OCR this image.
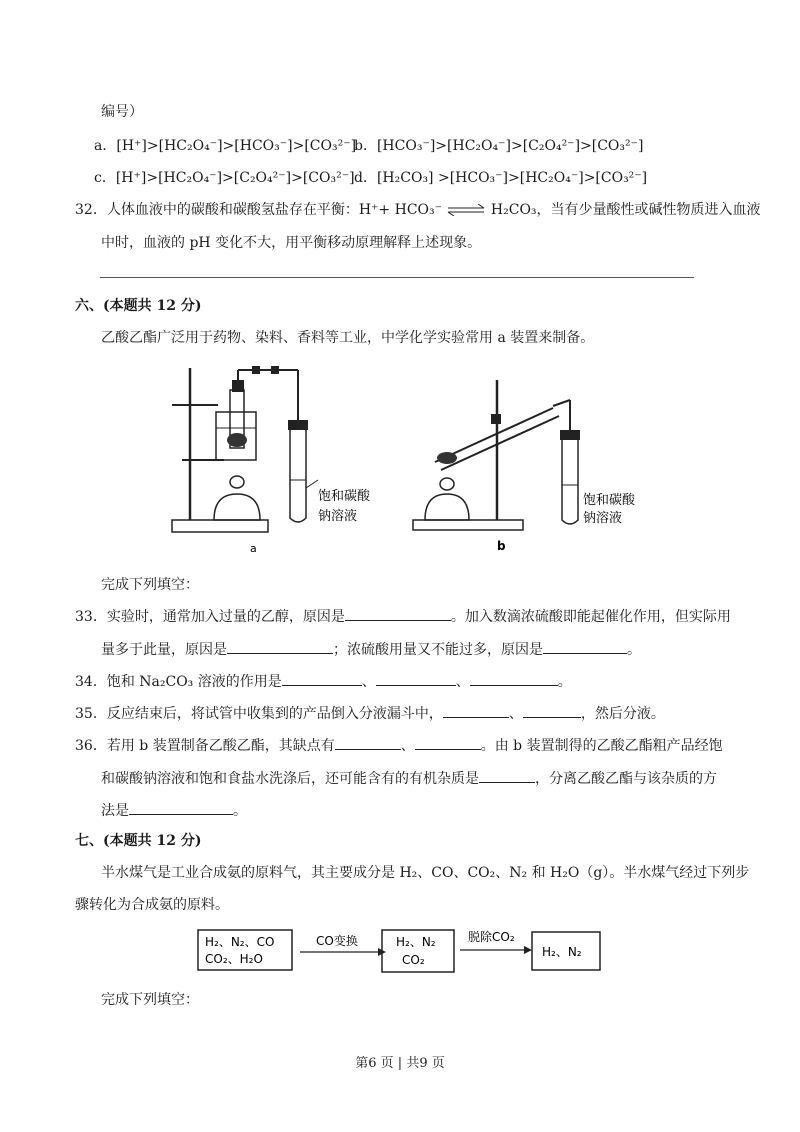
编号）
a．[H⁺]>[HC₂O₄⁻]>[HCO₃⁻]>[CO₃²⁻]
b．[HCO₃⁻]>[HC₂O₄⁻]>[C₂O₄²⁻]>[CO₃²⁻]
c．[H⁺]>[HC₂O₄⁻]>[C₂O₄²⁻]>[CO₃²⁻] d．[H₂CO₃] >[HCO₃⁻]>[HC₂O₄⁻]>[CO₃²⁻]
32．人体血液中的碳酸和碳酸氢盐存在平衡：H⁺+ HCO₃⁻ ⇌ H₂CO₃，当有少量酸性或碱性物质进入血液
中时，血液的 pH 变化不大，用平衡移动原理解释上述现象。
六、(本题共 12 分)
乙酸乙酯广泛用于药物、染料、香料等工业，中学化学实验常用 a 装置来制备。
饱和碳酸
钠溶液
a
饱和碳酸
钠溶液
b
完成下列填空：
33．实验时，通常加入过量的乙醇，原因是	。加入数滴浓硫酸即能起催化作用，但实际用
量多于此量，原因是	；浓硫酸用量又不能过多，原因是	。
34．饱和 Na₂CO₃ 溶液的作用是	、	、	。
35．反应结束后，将试管中收集到的产品倒入分液漏斗中，	、	，然后分液。
36．若用 b 装置制备乙酸乙酯，其缺点有	、	。由 b 装置制得的乙酸乙酯粗产品经饱
和碳酸钠溶液和饱和食盐水洗涤后，还可能含有的有机杂质是	，分离乙酸乙酯与该杂质的方
法是	。
七、(本题共 12 分)
半水煤气是工业合成氨的原料气，其主要成分是 H₂、CO、CO₂、N₂ 和 H₂O（g）。半水煤气经过下列步
骤转化为合成氨的原料。
H₂、N₂、CO
CO₂、H₂O
CO变换	H₂、N₂
CO₂
脱除CO₂
H₂、N₂
完成下列填空：
第6 页 | 共9 页
